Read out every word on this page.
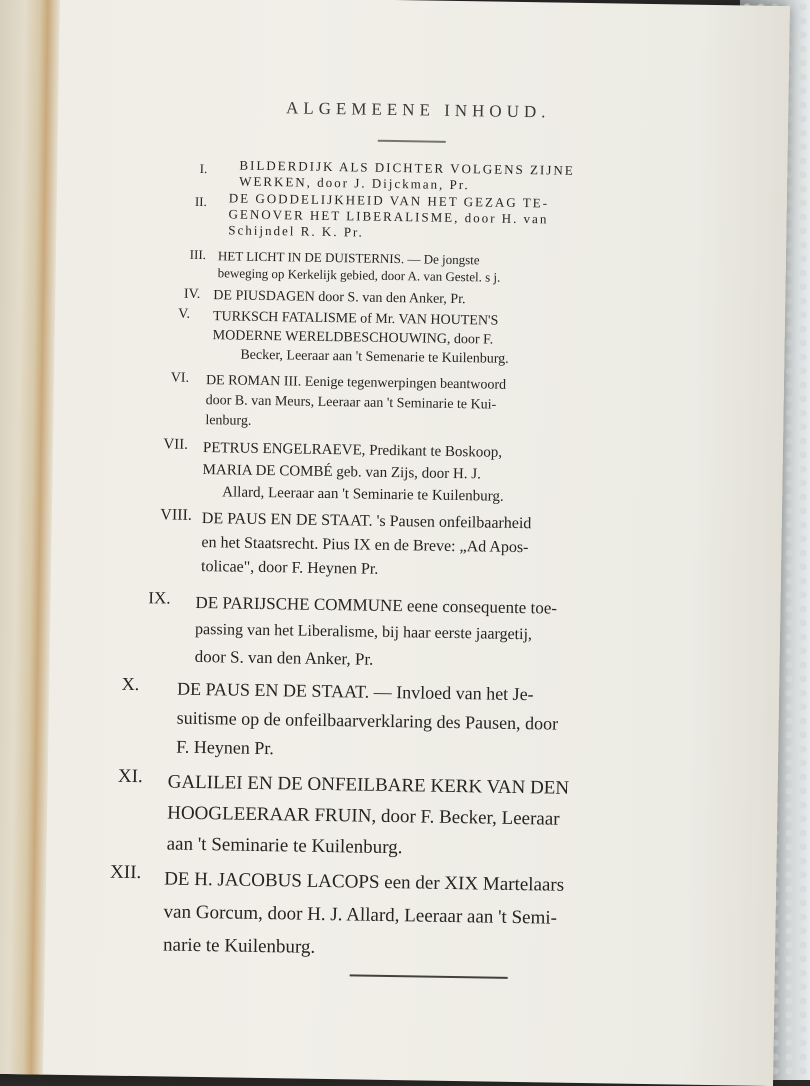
ALGEMEENE INHOUD.
I. BILDERDIJK ALS DICHTER VOLGENS ZIJNE
WERKEN, door J. Dijckman, Pr.
II. DE GODDELIJKHEID VAN HET GEZAG TE-
GENOVER HET LIBERALISME, door H. van
Schijndel R. K. Pr.
III. HET LICHT IN DE DUISTERNIS. — De jongste
beweging op Kerkelijk gebied, door A. van Gestel. s j.
IV. DE PIUSDAGEN door S. van den Anker, Pr.
V. TURKSCH FATALISME of Mr. VAN HOUTEN'S
MODERNE WERELDBESCHOUWING, door F.
Becker, Leeraar aan 't Semenarie te Kuilenburg.
VI. DE ROMAN III. Eenige tegenwerpingen beantwoord
door B. van Meurs, Leeraar aan 't Seminarie te Kui-
lenburg.
VII. PETRUS ENGELRAEVE, Predikant te Boskoop,
MARIA DE COMBÉ geb. van Zijs, door H. J.
Allard, Leeraar aan 't Seminarie te Kuilenburg.
VIII. DE PAUS EN DE STAAT. 's Pausen onfeilbaarheid
en het Staatsrecht. Pius IX en de Breve: „Ad Apos-
tolicae", door F. Heynen Pr.
IX. DE PARIJSCHE COMMUNE eene consequente toe-
passing van het Liberalisme, bij haar eerste jaargetij,
door S. van den Anker, Pr.
X. DE PAUS EN DE STAAT. — Invloed van het Je-
suitisme op de onfeilbaarverklaring des Pausen, door
F. Heynen Pr.
XI. GALILEI EN DE ONFEILBARE KERK VAN DEN
HOOGLEERAAR FRUIN, door F. Becker, Leeraar
aan 't Seminarie te Kuilenburg.
XII. DE H. JACOBUS LACOPS een der XIX Martelaars
van Gorcum, door H. J. Allard, Leeraar aan 't Semi-
narie te Kuilenburg.
